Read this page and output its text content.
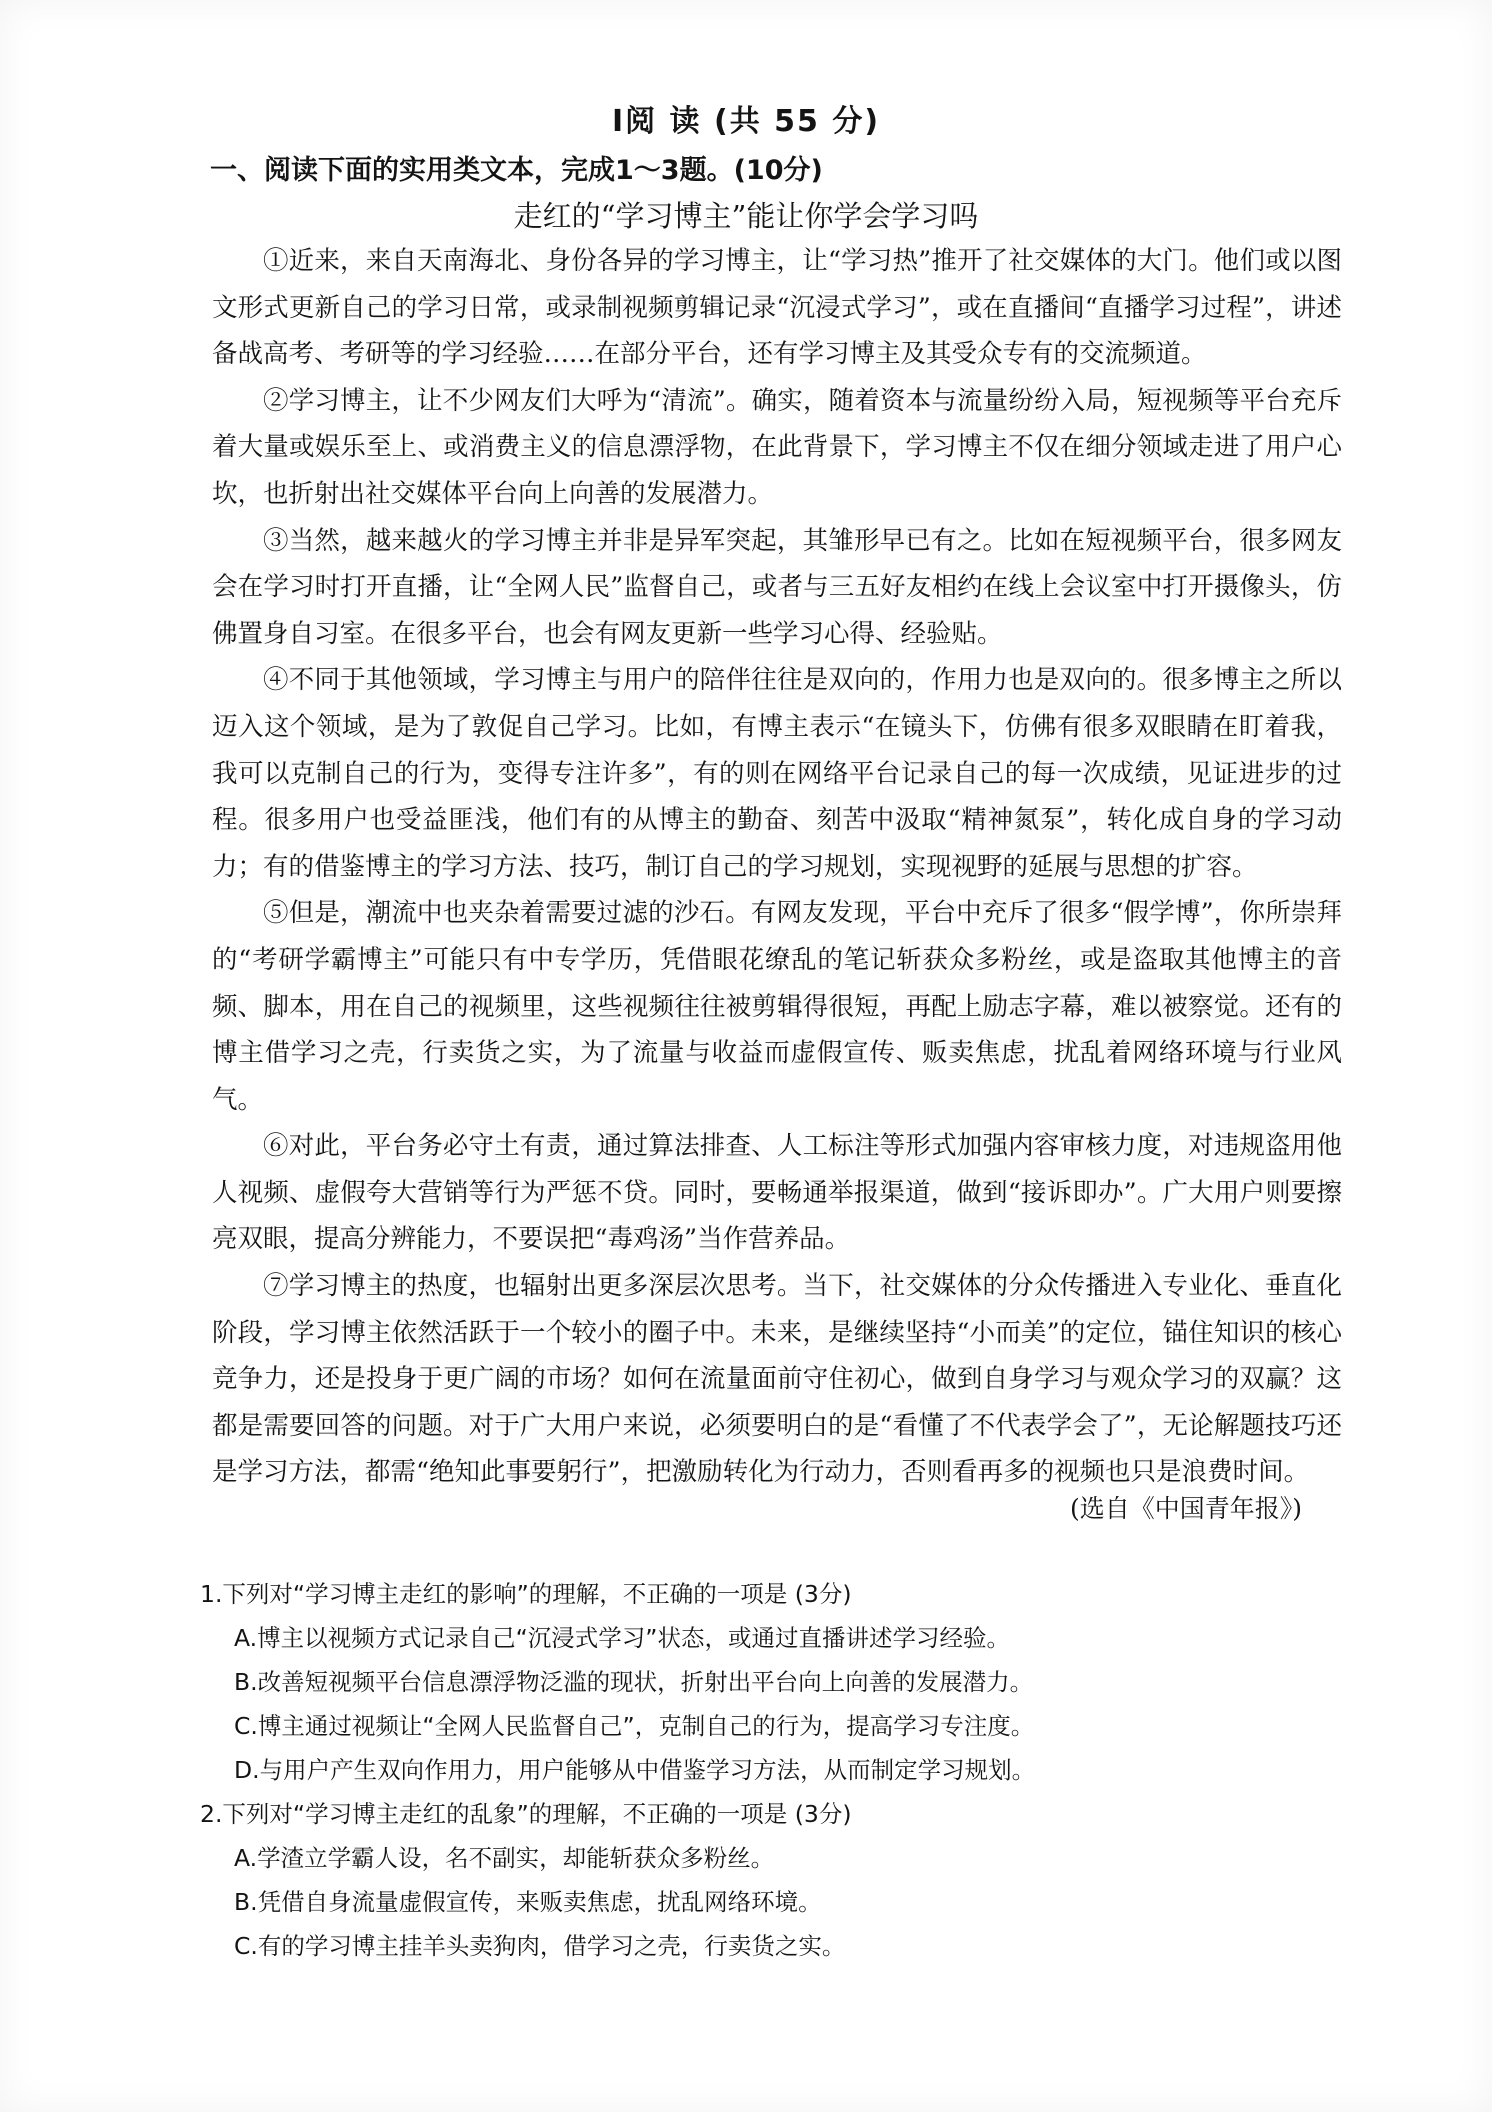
Ⅰ阅 读 (共 55 分)
一、阅读下面的实用类文本，完成1～3题。(10分)
走红的“学习博主”能让你学会学习吗

①近来，来自天南海北、身份各异的学习博主，让“学习热”推开了社交媒体的大门。他们或以图文形式更新自己的学习日常，或录制视频剪辑记录“沉浸式学习”，或在直播间“直播学习过程”，讲述备战高考、考研等的学习经验……在部分平台，还有学习博主及其受众专有的交流频道。

②学习博主，让不少网友们大呼为“清流”。确实，随着资本与流量纷纷入局，短视频等平台充斥着大量或娱乐至上、或消费主义的信息漂浮物，在此背景下，学习博主不仅在细分领域走进了用户心坎，也折射出社交媒体平台向上向善的发展潜力。

③当然，越来越火的学习博主并非是异军突起，其雏形早已有之。比如在短视频平台，很多网友会在学习时打开直播，让“全网人民”监督自己，或者与三五好友相约在线上会议室中打开摄像头，仿佛置身自习室。在很多平台，也会有网友更新一些学习心得、经验贴。

④不同于其他领域，学习博主与用户的陪伴往往是双向的，作用力也是双向的。很多博主之所以迈入这个领域，是为了敦促自己学习。比如，有博主表示“在镜头下，仿佛有很多双眼睛在盯着我，我可以克制自己的行为，变得专注许多”，有的则在网络平台记录自己的每一次成绩，见证进步的过程。很多用户也受益匪浅，他们有的从博主的勤奋、刻苦中汲取“精神氮泵”，转化成自身的学习动力；有的借鉴博主的学习方法、技巧，制订自己的学习规划，实现视野的延展与思想的扩容。

⑤但是，潮流中也夹杂着需要过滤的沙石。有网友发现，平台中充斥了很多“假学博”，你所崇拜的“考研学霸博主”可能只有中专学历，凭借眼花缭乱的笔记斩获众多粉丝，或是盗取其他博主的音频、脚本，用在自己的视频里，这些视频往往被剪辑得很短，再配上励志字幕，难以被察觉。还有的博主借学习之壳，行卖货之实，为了流量与收益而虚假宣传、贩卖焦虑，扰乱着网络环境与行业风气。

⑥对此，平台务必守土有责，通过算法排查、人工标注等形式加强内容审核力度，对违规盗用他人视频、虚假夸大营销等行为严惩不贷。同时，要畅通举报渠道，做到“接诉即办”。广大用户则要擦亮双眼，提高分辨能力，不要误把“毒鸡汤”当作营养品。

⑦学习博主的热度，也辐射出更多深层次思考。当下，社交媒体的分众传播进入专业化、垂直化阶段，学习博主依然活跃于一个较小的圈子中。未来，是继续坚持“小而美”的定位，锚住知识的核心竞争力，还是投身于更广阔的市场？如何在流量面前守住初心，做到自身学习与观众学习的双赢？这都是需要回答的问题。对于广大用户来说，必须要明白的是“看懂了不代表学会了”，无论解题技巧还是学习方法，都需“绝知此事要躬行”，把激励转化为行动力，否则看再多的视频也只是浪费时间。

(选自《中国青年报》)

1.下列对“学习博主走红的影响”的理解，不正确的一项是 (3分)

A.博主以视频方式记录自己“沉浸式学习”状态，或通过直播讲述学习经验。

B.改善短视频平台信息漂浮物泛滥的现状，折射出平台向上向善的发展潜力。

C.博主通过视频让“全网人民监督自己”，克制自己的行为，提高学习专注度。

D.与用户产生双向作用力，用户能够从中借鉴学习方法，从而制定学习规划。

2.下列对“学习博主走红的乱象”的理解，不正确的一项是 (3分)

A.学渣立学霸人设，名不副实，却能斩获众多粉丝。

B.凭借自身流量虚假宣传，来贩卖焦虑，扰乱网络环境。

C.有的学习博主挂羊头卖狗肉，借学习之壳，行卖货之实。
